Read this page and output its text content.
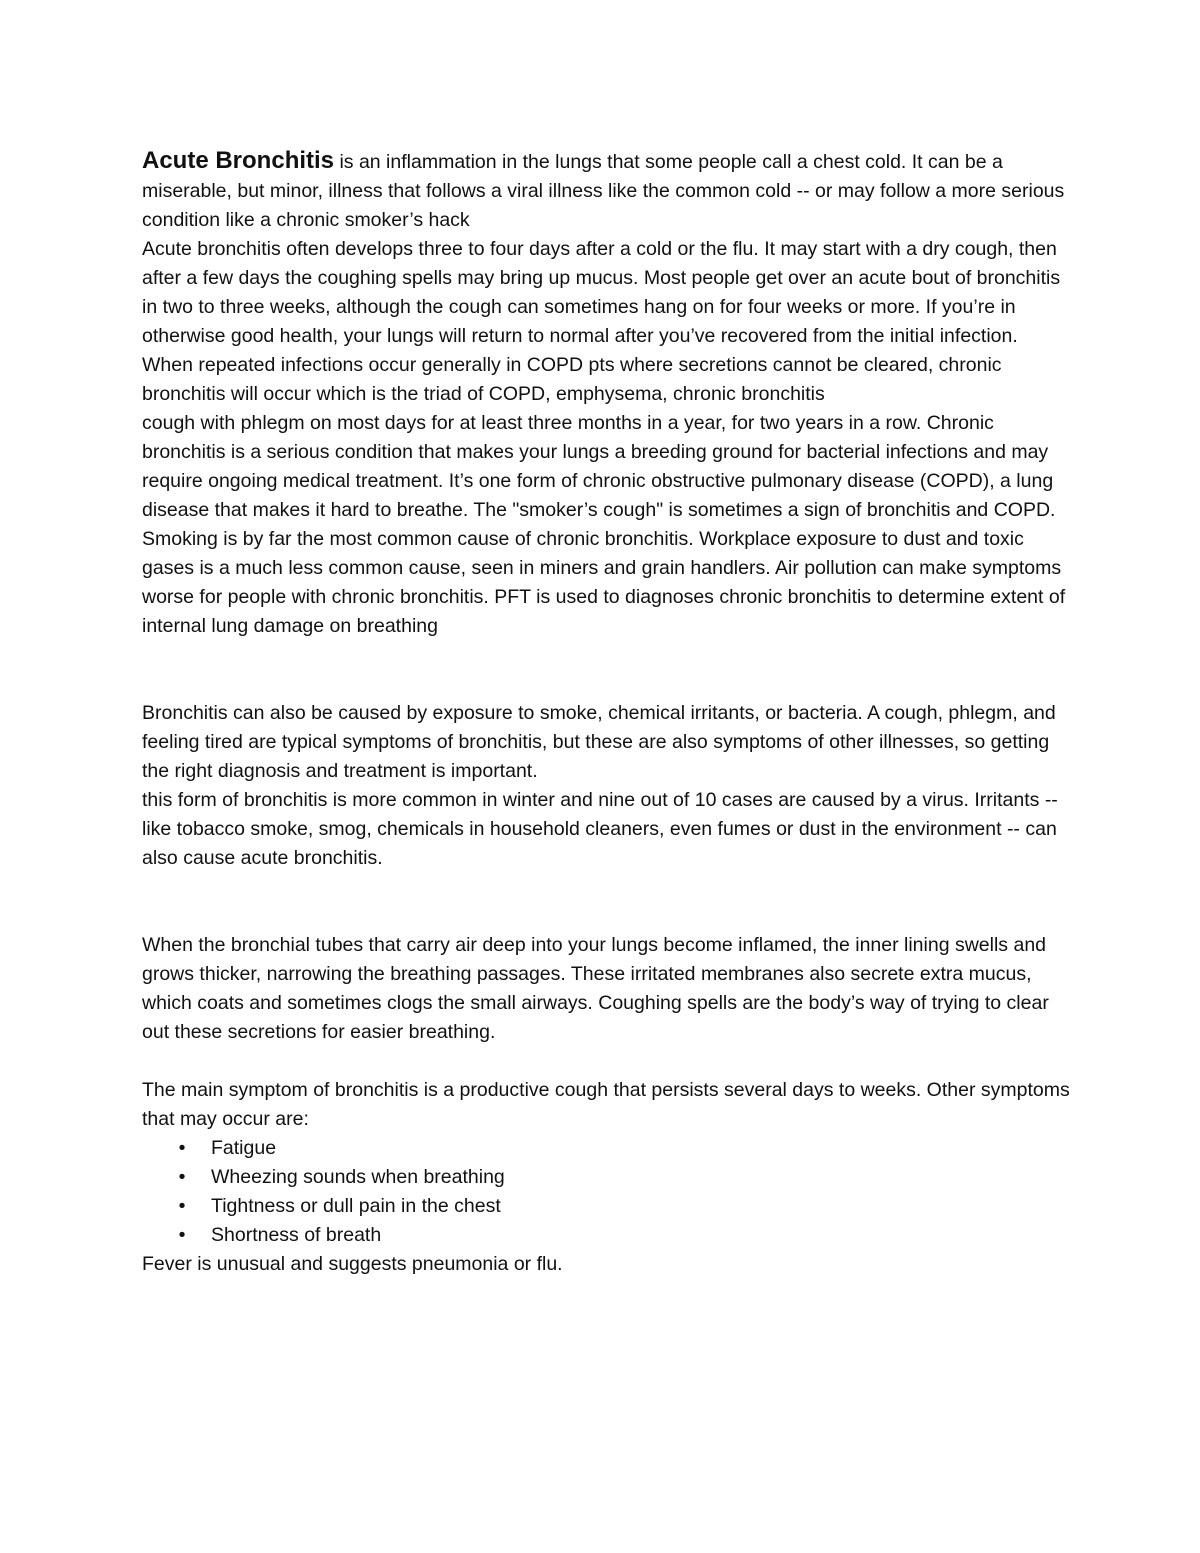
Acute Bronchitis is an inflammation in the lungs that some people call a chest cold. It can be a miserable, but minor, illness that follows a viral illness like the common cold -- or may follow a more serious condition like a chronic smoker’s hack

Acute bronchitis often develops three to four days after a cold or the flu. It may start with a dry cough, then after a few days the coughing spells may bring up mucus. Most people get over an acute bout of bronchitis in two to three weeks, although the cough can sometimes hang on for four weeks or more. If you’re in otherwise good health, your lungs will return to normal after you’ve recovered from the initial infection.

When repeated infections occur generally in COPD pts where secretions cannot be cleared, chronic bronchitis will occur which is the triad of COPD, emphysema, chronic bronchitis

cough with phlegm on most days for at least three months in a year, for two years in a row. Chronic bronchitis is a serious condition that makes your lungs a breeding ground for bacterial infections and may require ongoing medical treatment. It’s one form of chronic obstructive pulmonary disease (COPD), a lung disease that makes it hard to breathe. The "smoker’s cough" is sometimes a sign of bronchitis and COPD. Smoking is by far the most common cause of chronic bronchitis. Workplace exposure to dust and toxic gases is a much less common cause, seen in miners and grain handlers. Air pollution can make symptoms worse for people with chronic bronchitis. PFT is used to diagnoses chronic bronchitis to determine extent of internal lung damage on breathing

Bronchitis can also be caused by exposure to smoke, chemical irritants, or bacteria. A cough, phlegm, and feeling tired are typical symptoms of bronchitis, but these are also symptoms of other illnesses, so getting the right diagnosis and treatment is important.

this form of bronchitis is more common in winter and nine out of 10 cases are caused by a virus. Irritants -- like tobacco smoke, smog, chemicals in household cleaners, even fumes or dust in the environment -- can also cause acute bronchitis.

When the bronchial tubes that carry air deep into your lungs become inflamed, the inner lining swells and grows thicker, narrowing the breathing passages. These irritated membranes also secrete extra mucus, which coats and sometimes clogs the small airways. Coughing spells are the body’s way of trying to clear out these secretions for easier breathing.

The main symptom of bronchitis is a productive cough that persists several days to weeks. Other symptoms that may occur are:

•	Fatigue
•	Wheezing sounds when breathing
•	Tightness or dull pain in the chest
•	Shortness of breath

Fever is unusual and suggests pneumonia or flu.
